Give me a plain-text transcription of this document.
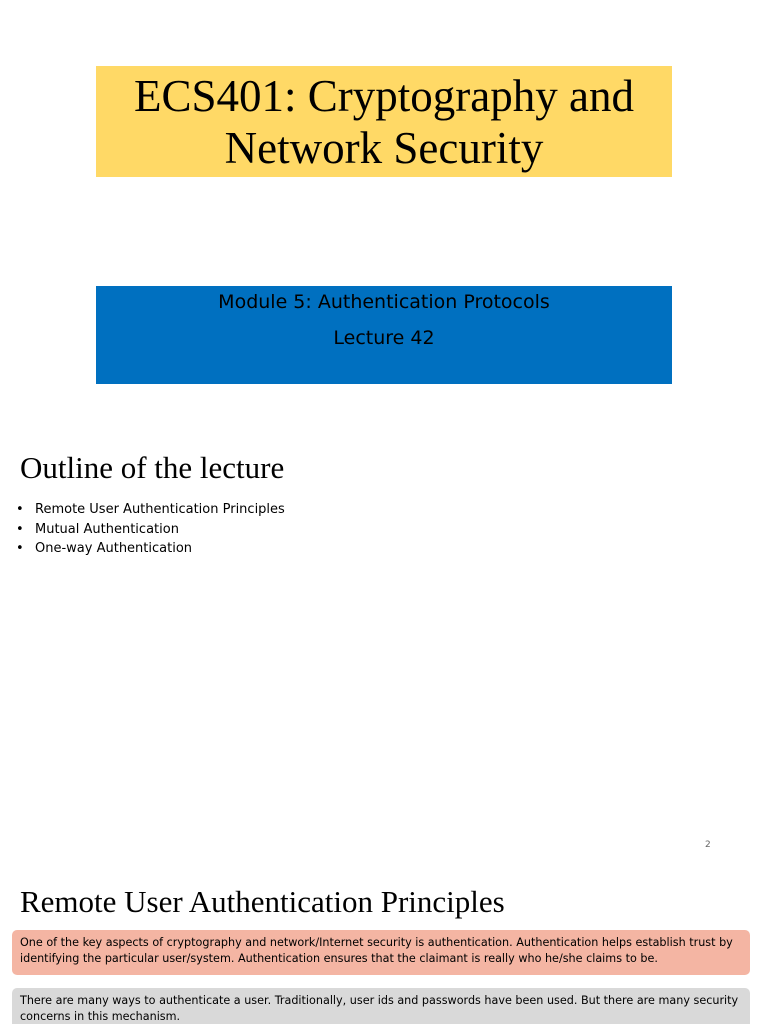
ECS401: Cryptography and Network Security
Module 5: Authentication Protocols
Lecture 42
Outline of the lecture
• Remote User Authentication Principles
• Mutual Authentication
• One-way Authentication
2
Remote User Authentication Principles
One of the key aspects of cryptography and network/Internet security is authentication. Authentication helps establish trust by identifying the particular user/system. Authentication ensures that the claimant is really who he/she claims to be.
There are many ways to authenticate a user. Traditionally, user ids and passwords have been used. But there are many security concerns in this mechanism.
